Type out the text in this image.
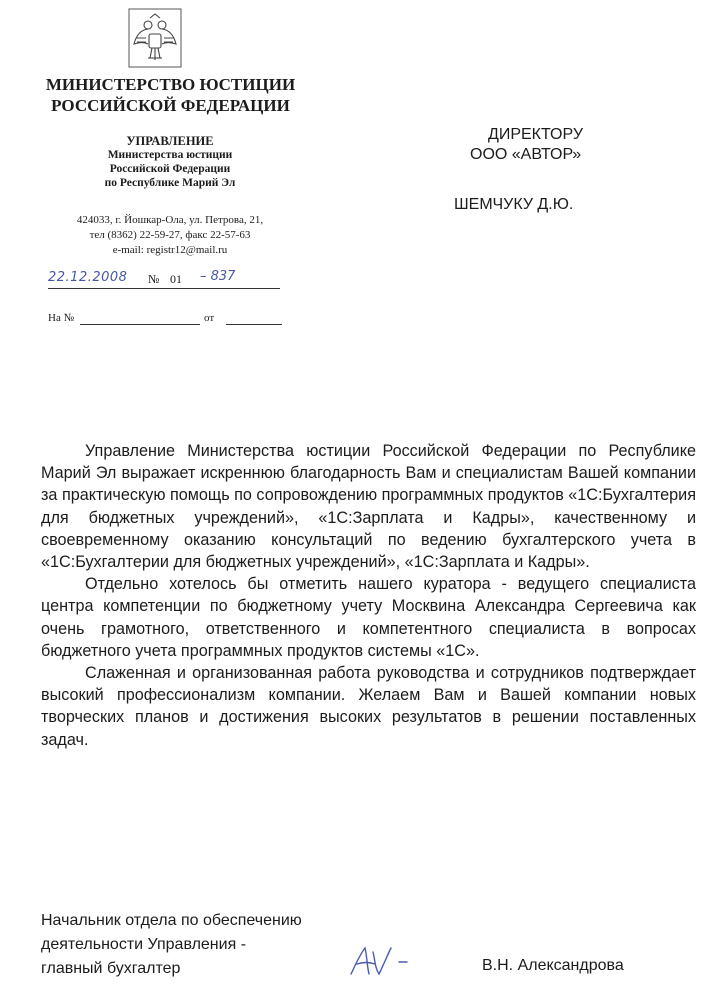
МИНИСТЕРСТВО ЮСТИЦИИ
РОССИЙСКОЙ ФЕДЕРАЦИИ
УПРАВЛЕНИЕ
Министерства юстиции
Российской Федерации
по Республике Марий Эл
424033, г. Йошкар-Ола, ул. Петрова, 21,
тел (8362) 22-59-27, факс 22-57-63
e-mail: registr12@mail.ru
22.12.2008	№ 01	– 837
На №	от
ДИРЕКТОРУ
ООО «АВТОР»
ШЕМЧУКУ Д.Ю.

Управление Министерства юстиции Российской Федерации по Республике Марий Эл выражает искреннюю благодарность Вам и специалистам Вашей компании за практическую помощь по сопровождению программных продуктов «1С:Бухгалтерия для бюджетных учреждений», «1С:Зарплата и Кадры», качественному и своевременному оказанию консультаций по ведению бухгалтерского учета в «1С:Бухгалтерии для бюджетных учреждений», «1С:Зарплата и Кадры».

Отдельно хотелось бы отметить нашего куратора - ведущего специалиста центра компетенции по бюджетному учету Москвина Александра Сергеевича как очень грамотного, ответственного и компетентного специалиста в вопросах бюджетного учета программных продуктов системы «1С».

Слаженная и организованная работа руководства и сотрудников подтверждает высокий профессионализм компании. Желаем Вам и Вашей компании новых творческих планов и достижения высоких результатов в решении поставленных задач.

Начальник отдела по обеспечению
деятельности Управления -
главный бухгалтер	В.Н. Александрова
